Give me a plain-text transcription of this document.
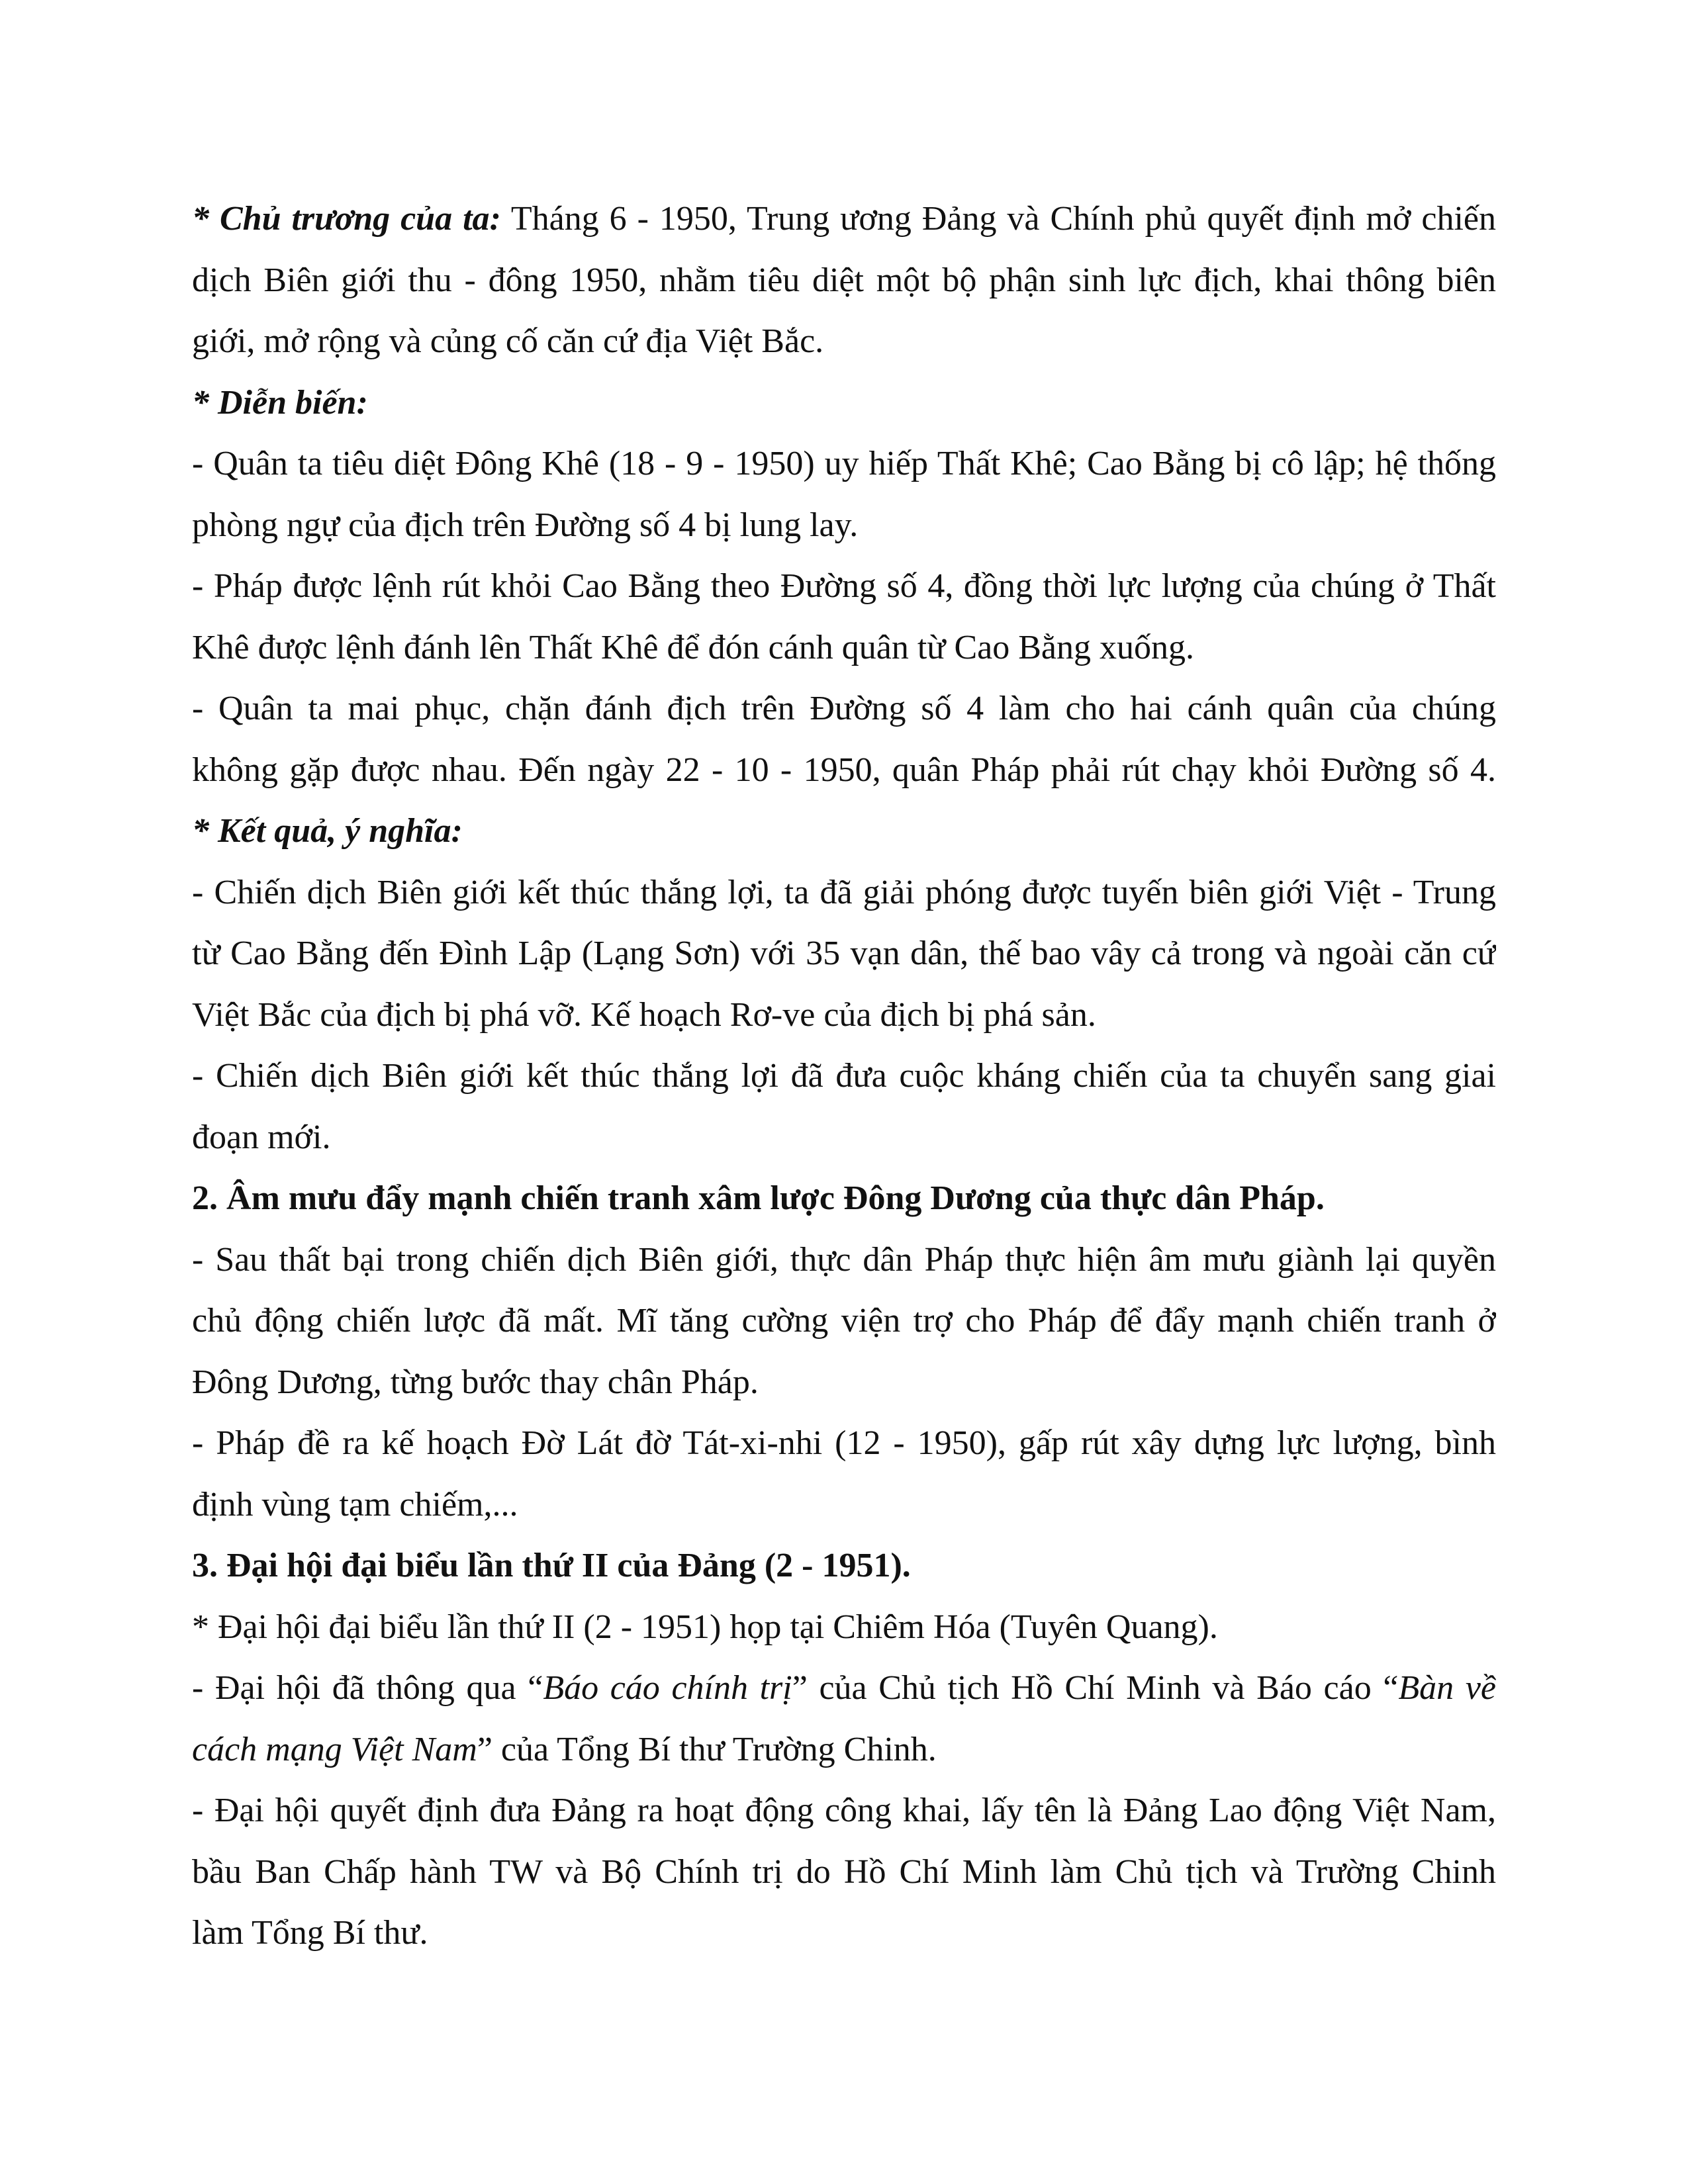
* Chủ trương của ta: Tháng 6 - 1950, Trung ương Đảng và Chính phủ quyết định mở chiến
dịch Biên giới thu - đông 1950, nhằm tiêu diệt một bộ phận sinh lực địch, khai thông biên
giới, mở rộng và củng cố căn cứ địa Việt Bắc.
* Diễn biến:
- Quân ta tiêu diệt Đông Khê (18 - 9 - 1950) uy hiếp Thất Khê; Cao Bằng bị cô lập; hệ thống
phòng ngự của địch trên Đường số 4 bị lung lay.
- Pháp được lệnh rút khỏi Cao Bằng theo Đường số 4, đồng thời lực lượng của chúng ở Thất
Khê được lệnh đánh lên Thất Khê để đón cánh quân từ Cao Bằng xuống.
- Quân ta mai phục, chặn đánh địch trên Đường số 4 làm cho hai cánh quân của chúng
không gặp được nhau. Đến ngày 22 - 10 - 1950, quân Pháp phải rút chạy khỏi Đường số 4.
* Kết quả, ý nghĩa:
- Chiến dịch Biên giới kết thúc thắng lợi, ta đã giải phóng được tuyến biên giới Việt - Trung
từ Cao Bằng đến Đình Lập (Lạng Sơn) với 35 vạn dân, thế bao vây cả trong và ngoài căn cứ
Việt Bắc của địch bị phá vỡ. Kế hoạch Rơ-ve của địch bị phá sản.
- Chiến dịch Biên giới kết thúc thắng lợi đã đưa cuộc kháng chiến của ta chuyển sang giai
đoạn mới.
2. Âm mưu đẩy mạnh chiến tranh xâm lược Đông Dương của thực dân Pháp.
- Sau thất bại trong chiến dịch Biên giới, thực dân Pháp thực hiện âm mưu giành lại quyền
chủ động chiến lược đã mất. Mĩ tăng cường viện trợ cho Pháp để đẩy mạnh chiến tranh ở
Đông Dương, từng bước thay chân Pháp.
- Pháp đề ra kế hoạch Đờ Lát đờ Tát-xi-nhi (12 - 1950), gấp rút xây dựng lực lượng, bình
định vùng tạm chiếm,...
3. Đại hội đại biểu lần thứ II của Đảng (2 - 1951).
* Đại hội đại biểu lần thứ II (2 - 1951) họp tại Chiêm Hóa (Tuyên Quang).
- Đại hội đã thông qua “Báo cáo chính trị” của Chủ tịch Hồ Chí Minh và Báo cáo “Bàn về
cách mạng Việt Nam” của Tổng Bí thư Trường Chinh.
- Đại hội quyết định đưa Đảng ra hoạt động công khai, lấy tên là Đảng Lao động Việt Nam,
bầu Ban Chấp hành TW và Bộ Chính trị do Hồ Chí Minh làm Chủ tịch và Trường Chinh
làm Tổng Bí thư.
